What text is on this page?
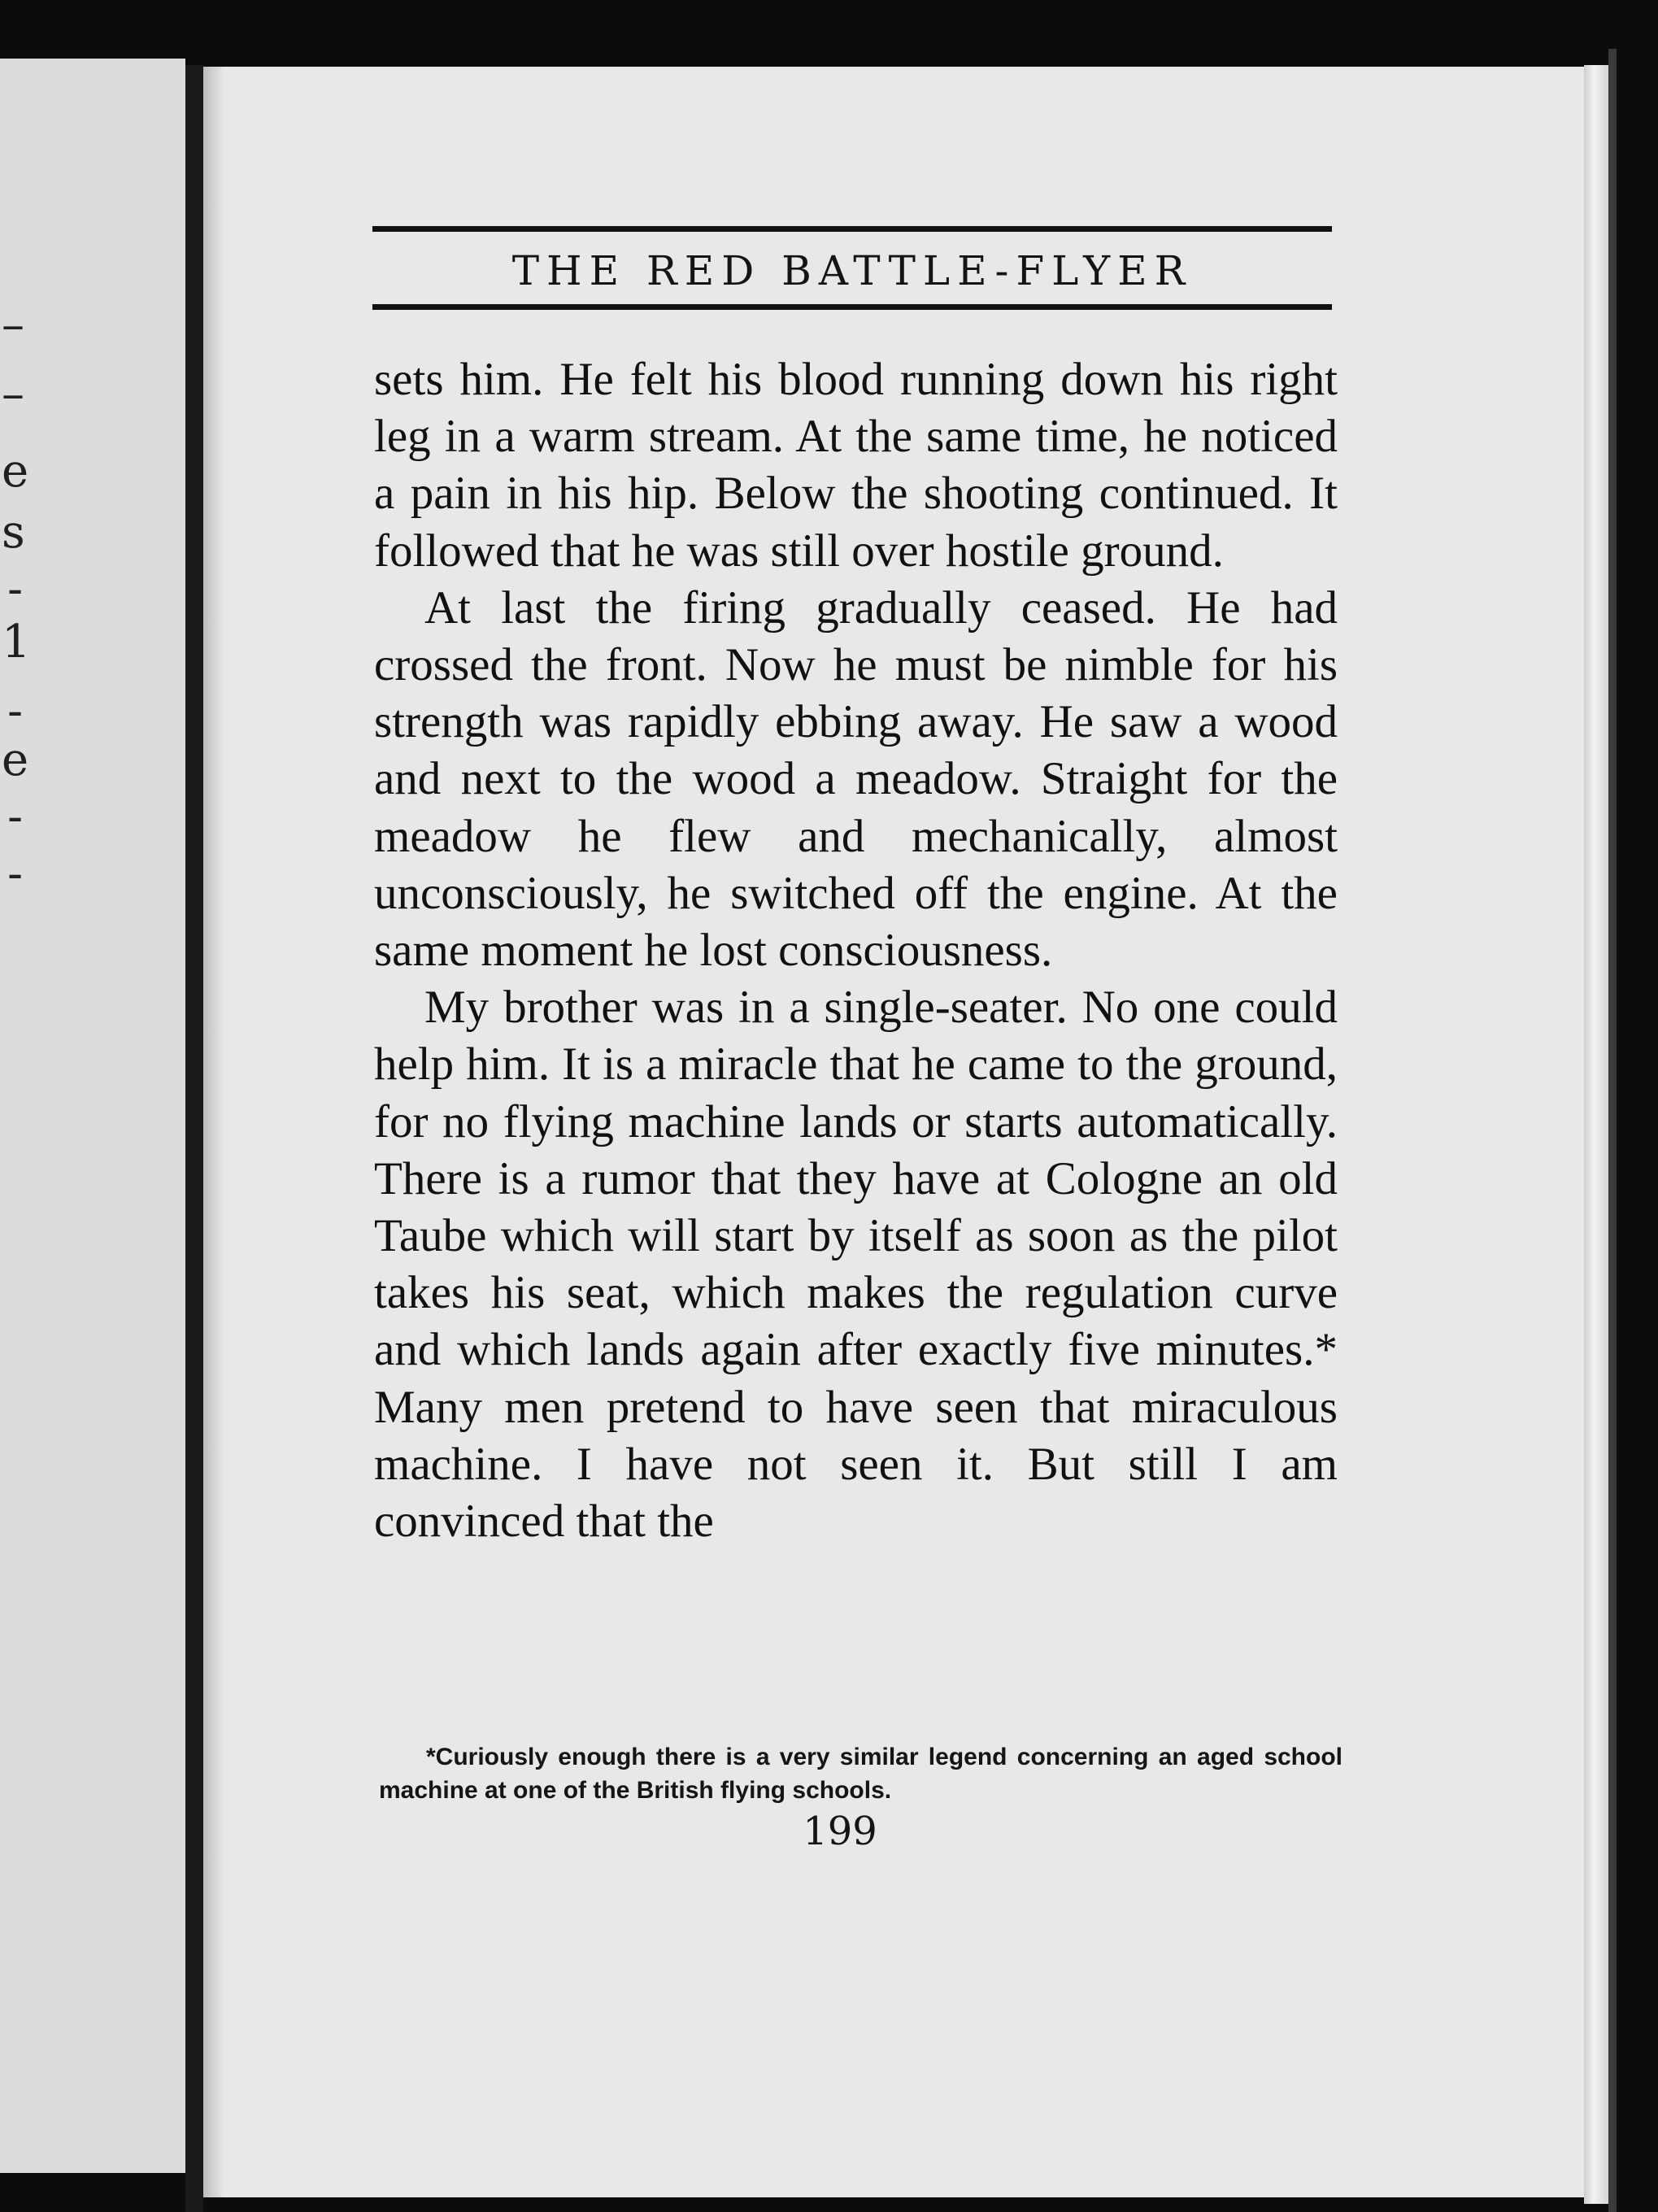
–
–
e
s
-
1
-
e
-
-
THE RED BATTLE-FLYER

sets him. He felt his blood running down his right leg in a warm stream. At the same time, he noticed a pain in his hip. Below the shooting continued. It followed that he was still over hostile ground.

At last the firing gradually ceased. He had crossed the front. Now he must be nimble for his strength was rapidly ebbing away. He saw a wood and next to the wood a meadow. Straight for the meadow he flew and mechanically, almost unconsciously, he switched off the engine. At the same moment he lost consciousness.

My brother was in a single-seater. No one could help him. It is a miracle that he came to the ground, for no flying machine lands or starts automatically. There is a rumor that they have at Cologne an old Taube which will start by itself as soon as the pilot takes his seat, which makes the regulation curve and which lands again after exactly five minutes.* Many men pretend to have seen that miraculous machine. I have not seen it. But still I am convinced that the

*Curiously enough there is a very similar legend concerning an aged school machine at one of the British flying schools.
199
